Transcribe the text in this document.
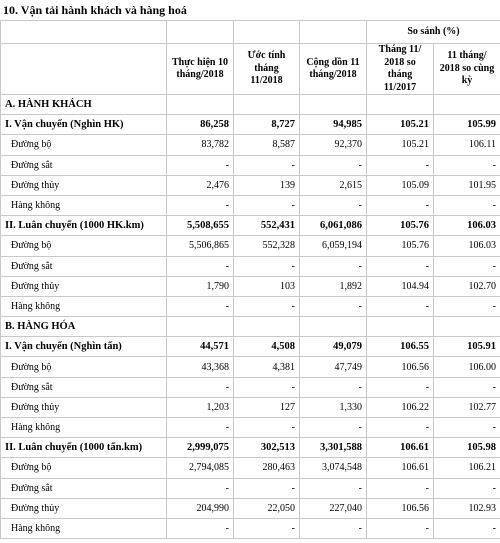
10. Vận tải hành khách và hàng hoá
				So sánh (%)	
	Thực hiện 10 tháng/2018	Ước tính tháng 11/2018	Cộng dồn 11 tháng/2018	Tháng 11/ 2018 so tháng 11/2017	11 tháng/ 2018 so cùng kỳ
A. HÀNH KHÁCH					
I. Vận chuyển (Nghìn HK)	86,258	8,727	94,985	105.21	105.99
Đường bộ	83,782	8,587	92,370	105.21	106.11
Đường sắt	-	-	-	-	-
Đường thủy	2,476	139	2,615	105.09	101.95
Hàng không	-	-	-	-	-
II. Luân chuyển (1000 HK.km)	5,508,655	552,431	6,061,086	105.76	106.03
Đường bộ	5,506,865	552,328	6,059,194	105.76	106.03
Đường sắt	-	-	-	-	-
Đường thủy	1,790	103	1,892	104.94	102.70
Hàng không	-	-	-	-	-
B. HÀNG HÓA					
I. Vận chuyển (Nghìn tấn)	44,571	4,508	49,079	106.55	105.91
Đường bộ	43,368	4,381	47,749	106.56	106.00
Đường sắt	-	-	-	-	-
Đường thủy	1,203	127	1,330	106.22	102.77
Hàng không	-	-	-	-	-
II. Luân chuyển (1000 tấn.km)	2,999,075	302,513	3,301,588	106.61	105.98
Đường bộ	2,794,085	280,463	3,074,548	106.61	106.21
Đường sắt	-	-	-	-	-
Đường thủy	204,990	22,050	227,040	106.56	102.93
Hàng không	-	-	-	-	-
